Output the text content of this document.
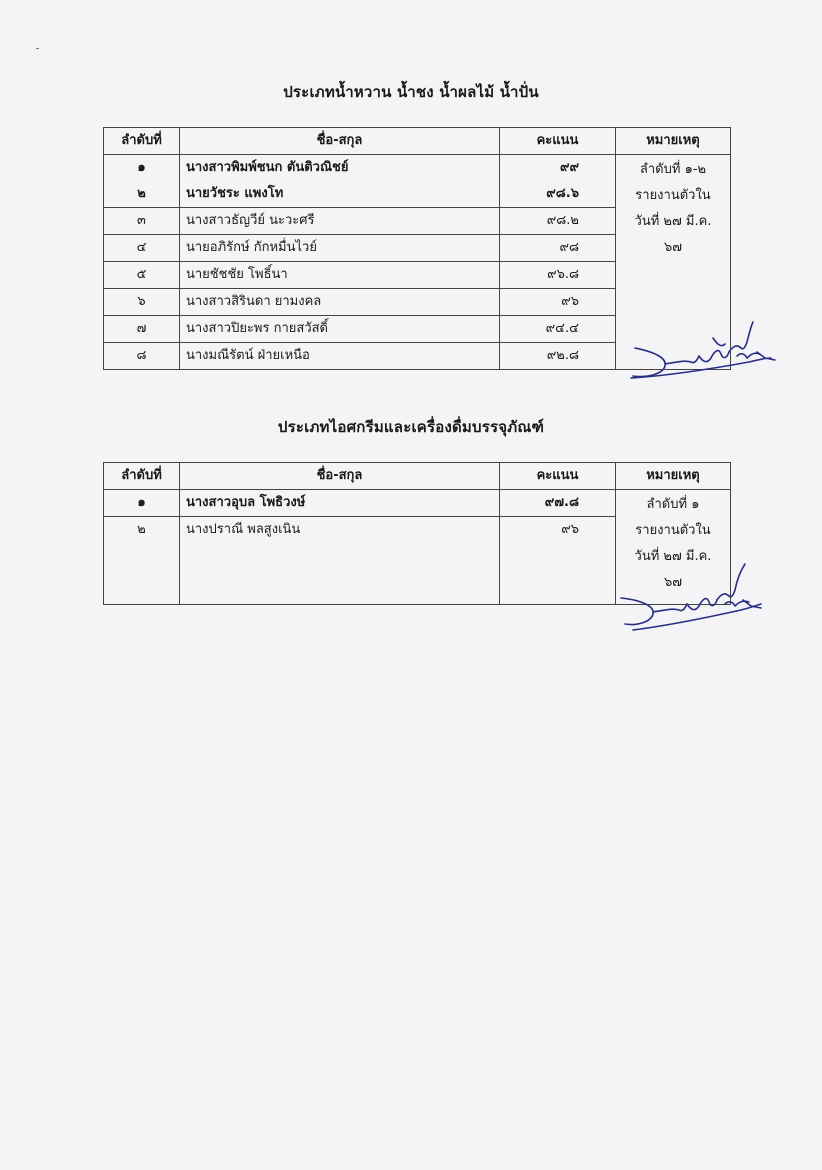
ประเภทน้ำหวาน น้ำชง น้ำผลไม้ น้ำปั่น
ลำดับที่	ชื่อ-สกุล	คะแนน	หมายเหตุ
๑	นางสาวพิมพ์ชนก ตันติวณิชย์	๙๙	ลำดับที่ ๑-๒
รายงานตัวใน
วันที่ ๒๗ มี.ค.
๖๗

๒	นายวัชระ แพงโท	๙๘.๖	
๓	นางสาวธัญวีย์ นะวะศรี	๙๘.๒	
๔	นายอภิรักษ์ กักหมื่นไวย์	๙๘	
๕	นายชัชชัย โพธิ์นา	๙๖.๘	
๖	นางสาวสิรินดา ยามงคล	๙๖	
๗	นางสาวปิยะพร กายสวัสดิ์	๙๔.๔	
๘	นางมณีรัตน์ ฝ่ายเหนือ	๙๒.๘	
ประเภทไอศกรีมและเครื่องดื่มบรรจุภัณฑ์
ลำดับที่	ชื่อ-สกุล	คะแนน	หมายเหตุ
๑	นางสาวอุบล โพธิวงษ์	๙๗.๘	ลำดับที่ ๑
รายงานตัวใน
วันที่ ๒๗ มี.ค.
๖๗

๒	นางปราณี พลสูงเนิน	๙๖	
